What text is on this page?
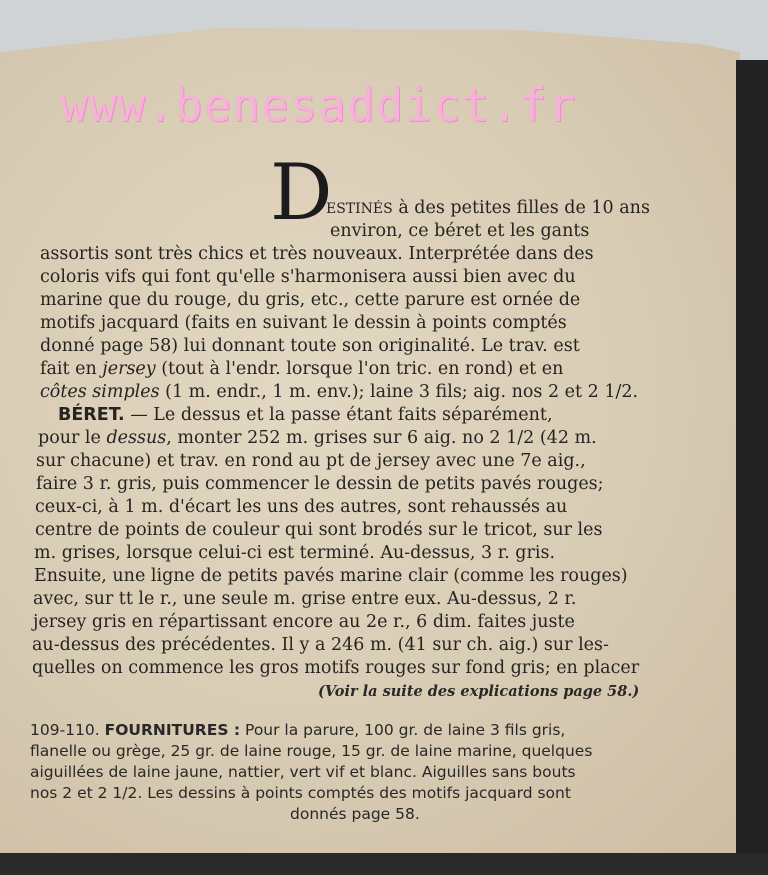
www.benesaddict.fr
D
ESTINÉS à des petites filles de 10 ans
environ, ce béret et les gants
assortis sont très chics et très nouveaux. Interprétée dans des
coloris vifs qui font qu'elle s'harmonisera aussi bien avec du
marine que du rouge, du gris, etc., cette parure est ornée de
motifs jacquard (faits en suivant le dessin à points comptés
donné page 58) lui donnant toute son originalité. Le trav. est
fait en jersey (tout à l'endr. lorsque l'on tric. en rond) et en
côtes simples (1 m. endr., 1 m. env.); laine 3 fils; aig. nos 2 et 2 1/2.
BÉRET. — Le dessus et la passe étant faits séparément,
pour le dessus, monter 252 m. grises sur 6 aig. no 2 1/2 (42 m.
sur chacune) et trav. en rond au pt de jersey avec une 7e aig.,
faire 3 r. gris, puis commencer le dessin de petits pavés rouges;
ceux-ci, à 1 m. d'écart les uns des autres, sont rehaussés au
centre de points de couleur qui sont brodés sur le tricot, sur les
m. grises, lorsque celui-ci est terminé. Au-dessus, 3 r. gris.
Ensuite, une ligne de petits pavés marine clair (comme les rouges)
avec, sur tt le r., une seule m. grise entre eux. Au-dessus, 2 r.
jersey gris en répartissant encore au 2e r., 6 dim. faites juste
au-dessus des précédentes. Il y a 246 m. (41 sur ch. aig.) sur les-
quelles on commence les gros motifs rouges sur fond gris; en placer
(Voir la suite des explications page 58.)
109-110. FOURNITURES : Pour la parure, 100 gr. de laine 3 fils gris,
flanelle ou grège, 25 gr. de laine rouge, 15 gr. de laine marine, quelques
aiguillées de laine jaune, nattier, vert vif et blanc. Aiguilles sans bouts
nos 2 et 2 1/2. Les dessins à points comptés des motifs jacquard sont
donnés page 58.
